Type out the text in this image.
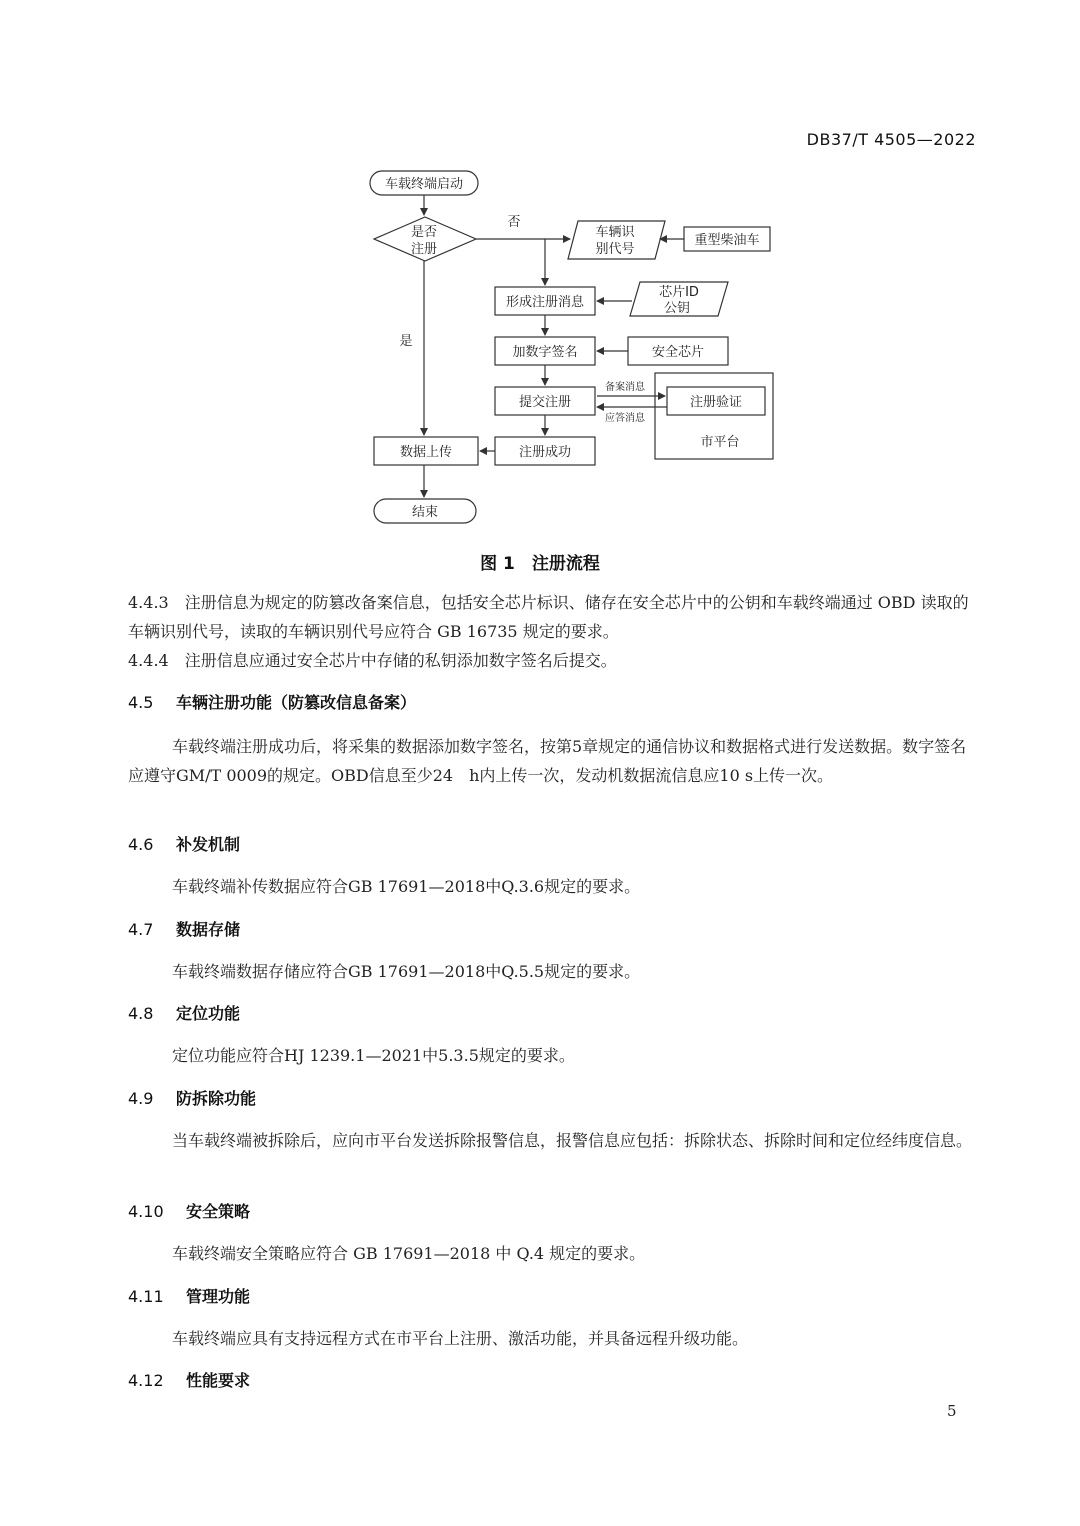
DB37/T 4505—2022
车载终端启动
是否
注册
否
是
车辆识
别代号
重型柴油车
形成注册消息
芯片ID
公钥
加数字签名	安全芯片
提交注册	注册验证
市平台
数据上传	注册成功
结束
备案消息
应答消息
图 1　注册流程
4.4.3　注册信息为规定的防篡改备案信息，包括安全芯片标识、储存在安全芯片中的公钥和车载终端通过 OBD 读取的车辆识别代号，读取的车辆识别代号应符合 GB 16735 规定的要求。
4.4.4　注册信息应通过安全芯片中存储的私钥添加数字签名后提交。
4.5 车辆注册功能（防篡改信息备案）
车载终端注册成功后，将采集的数据添加数字签名，按第5章规定的通信协议和数据格式进行发送数据。数字签名应遵守GM/T 0009的规定。OBD信息至少24　h内上传一次，发动机数据流信息应10 s上传一次。
4.6 补发机制
车载终端补传数据应符合GB 17691—2018中Q.3.6规定的要求。
4.7 数据存储
车载终端数据存储应符合GB 17691—2018中Q.5.5规定的要求。
4.8 定位功能
定位功能应符合HJ 1239.1—2021中5.3.5规定的要求。
4.9 防拆除功能
当车载终端被拆除后，应向市平台发送拆除报警信息，报警信息应包括：拆除状态、拆除时间和定位经纬度信息。
4.10 安全策略
车载终端安全策略应符合 GB 17691—2018 中 Q.4 规定的要求。
4.11 管理功能
车载终端应具有支持远程方式在市平台上注册、激活功能，并具备远程升级功能。
4.12 性能要求
5
